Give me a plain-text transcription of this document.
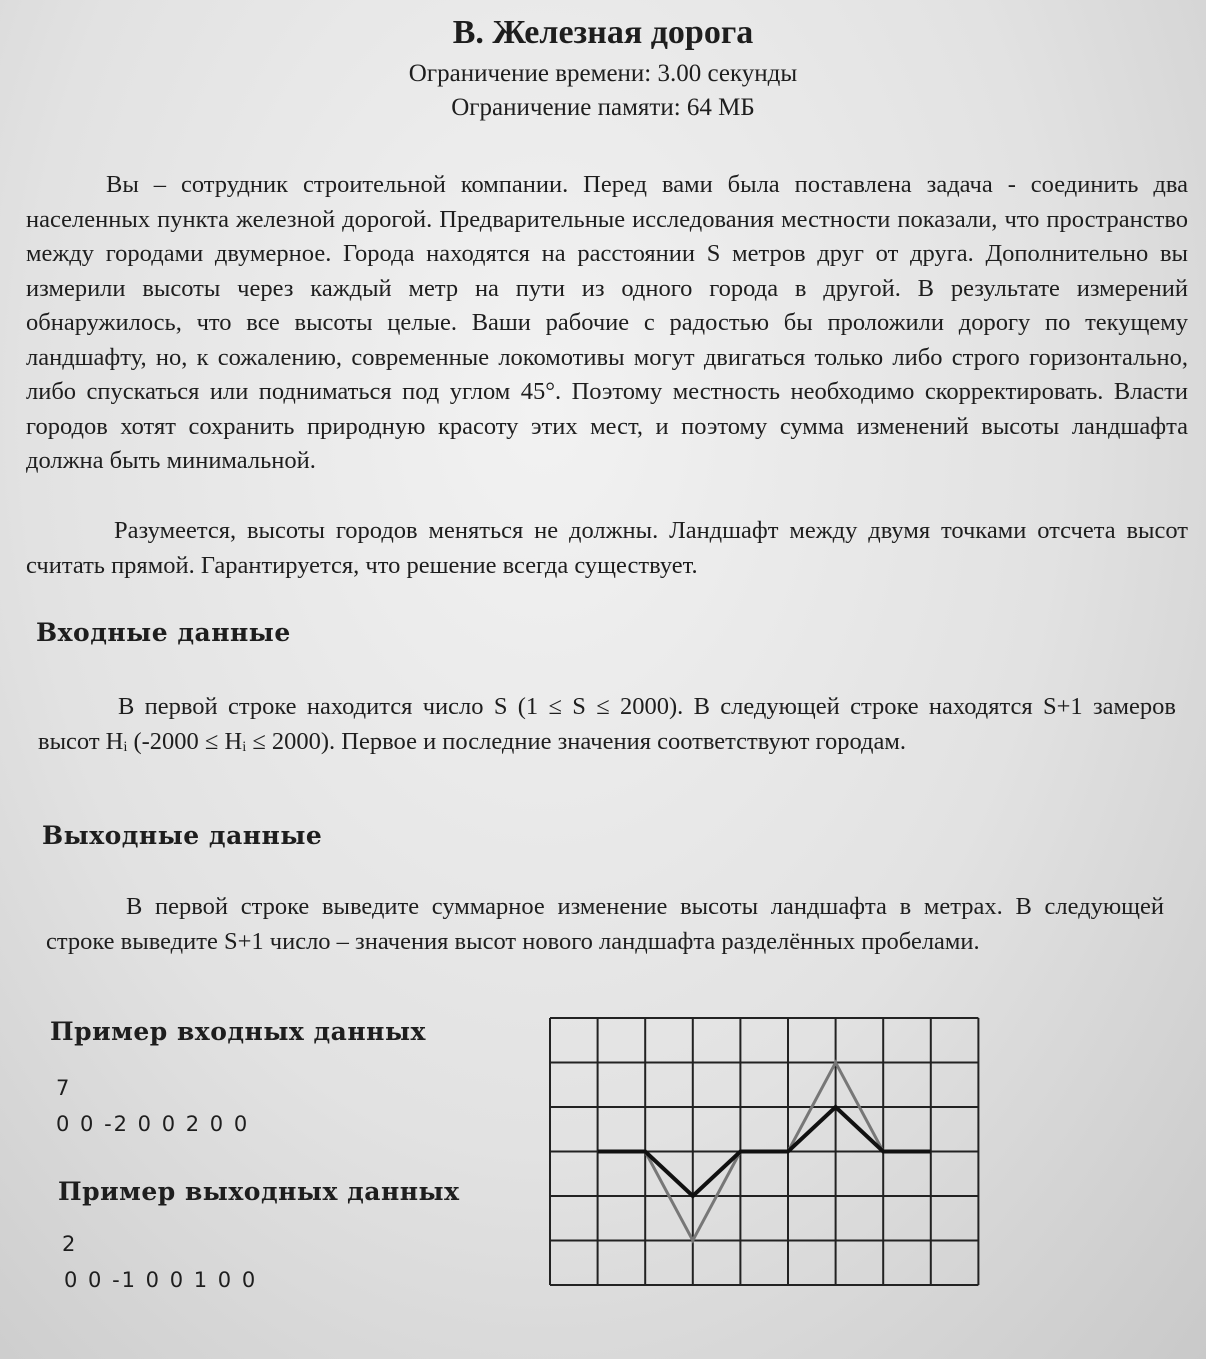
B. Железная дорога
Ограничение времени: 3.00 секунды
Ограничение памяти: 64 МБ
Вы – сотрудник строительной компании. Перед вами была поставлена задача - соединить два населенных пункта железной дорогой. Предварительные исследования местности показали, что пространство между городами двумерное. Города находятся на расстоянии S метров друг от друга. Дополнительно вы измерили высоты через каждый метр на пути из одного города в другой. В результате измерений обнаружилось, что все высоты целые. Ваши рабочие с радостью бы проложили дорогу по текущему ландшафту, но, к сожалению, современные локомотивы могут двигаться только либо строго горизонтально, либо спускаться или подниматься под углом 45°. Поэтому местность необходимо скорректировать. Власти городов хотят сохранить природную красоту этих мест, и поэтому сумма изменений высоты ландшафта должна быть минимальной.
Разумеется, высоты городов меняться не должны. Ландшафт между двумя точками отсчета высот считать прямой. Гарантируется, что решение всегда существует.
Входные данные
В первой строке находится число S (1 ≤ S ≤ 2000). В следующей строке находятся S+1 замеров высот Hᵢ (-2000 ≤ Hᵢ ≤ 2000). Первое и последние значения соответствуют городам.
Выходные данные
В первой строке выведите суммарное изменение высоты ландшафта в метрах. В следующей строке выведите S+1 число – значения высот нового ландшафта разделённых пробелами.
Пример входных данных
7
0 0 -2 0 0 2 0 0
Пример выходных данных
2
0 0 -1 0 0 1 0 0
